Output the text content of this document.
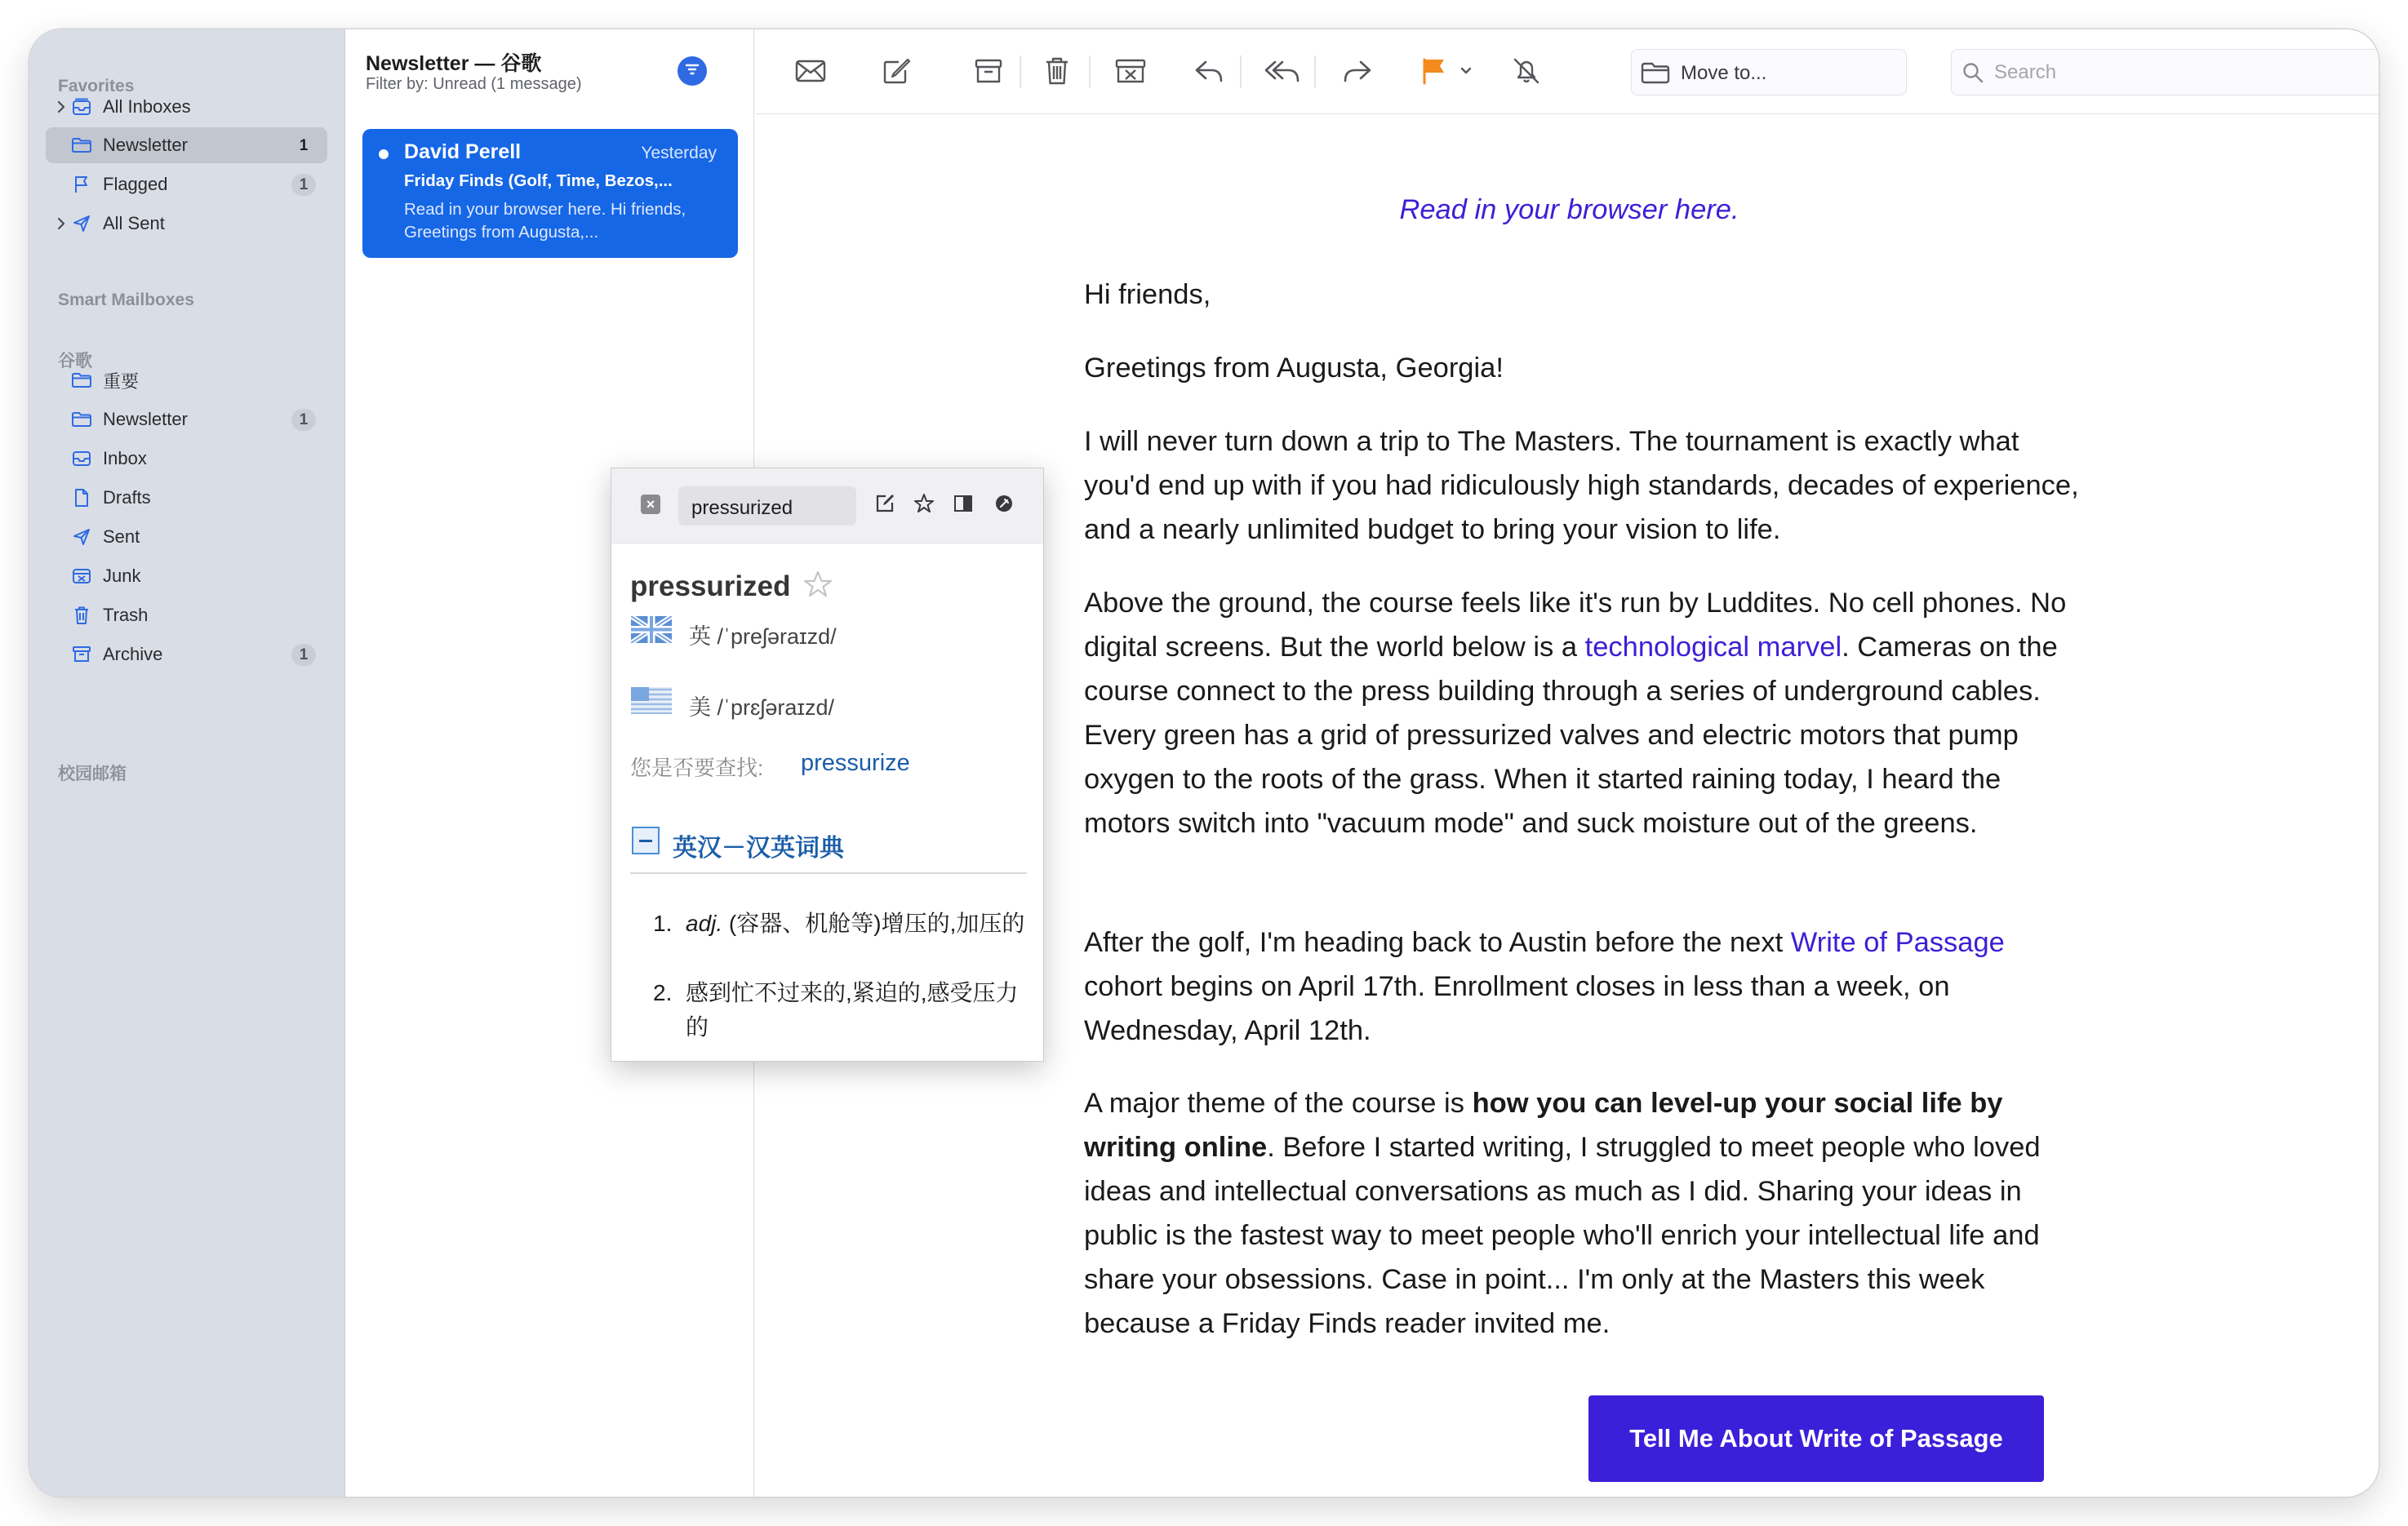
Favorites
All Inboxes
Newsletter	1
Flagged	1
All Sent
Smart Mailboxes
谷歌
重要
Newsletter	1
Inbox
Drafts
Sent
Junk
Trash
Archive	1
校园邮箱
Newsletter — 谷歌
Filter by: Unread (1 message)
David Perell	Yesterday
Friday Finds (Golf, Time, Bezos,...
Read in your browser here. Hi friends, Greetings from Augusta,...
Move to...
Search
Read in your browser here.
Hi friends,
Greetings from Augusta, Georgia!
I will never turn down a trip to The Masters. The tournament is exactly what you'd end up with if you had ridiculously high standards, decades of experience, and a nearly unlimited budget to bring your vision to life.
Above the ground, the course feels like it's run by Luddites. No cell phones. No digital screens. But the world below is a technological marvel. Cameras on the course connect to the press building through a series of underground cables. Every green has a grid of pressurized valves and electric motors that pump oxygen to the roots of the grass. When it started raining today, I heard the motors switch into "vacuum mode" and suck moisture out of the greens.
After the golf, I'm heading back to Austin before the next Write of Passage cohort begins on April 17th. Enrollment closes in less than a week, on Wednesday, April 12th.
A major theme of the course is how you can level-up your social life by writing online. Before I started writing, I struggled to meet people who loved ideas and intellectual conversations as much as I did. Sharing your ideas in public is the fastest way to meet people who'll enrich your intellectual life and share your obsessions. Case in point... I'm only at the Masters this week because a Friday Finds reader invited me.
Tell Me About Write of Passage
×	pressurized
pressurized
英 /ˈpreʃəraɪzd/
美 /ˈprɛʃəraɪzd/
您是否要查找: pressurize
英汉－汉英词典
1. adj. (容器、机舱等)增压的,加压的
2. 感到忙不过来的,紧迫的,感受压力的
